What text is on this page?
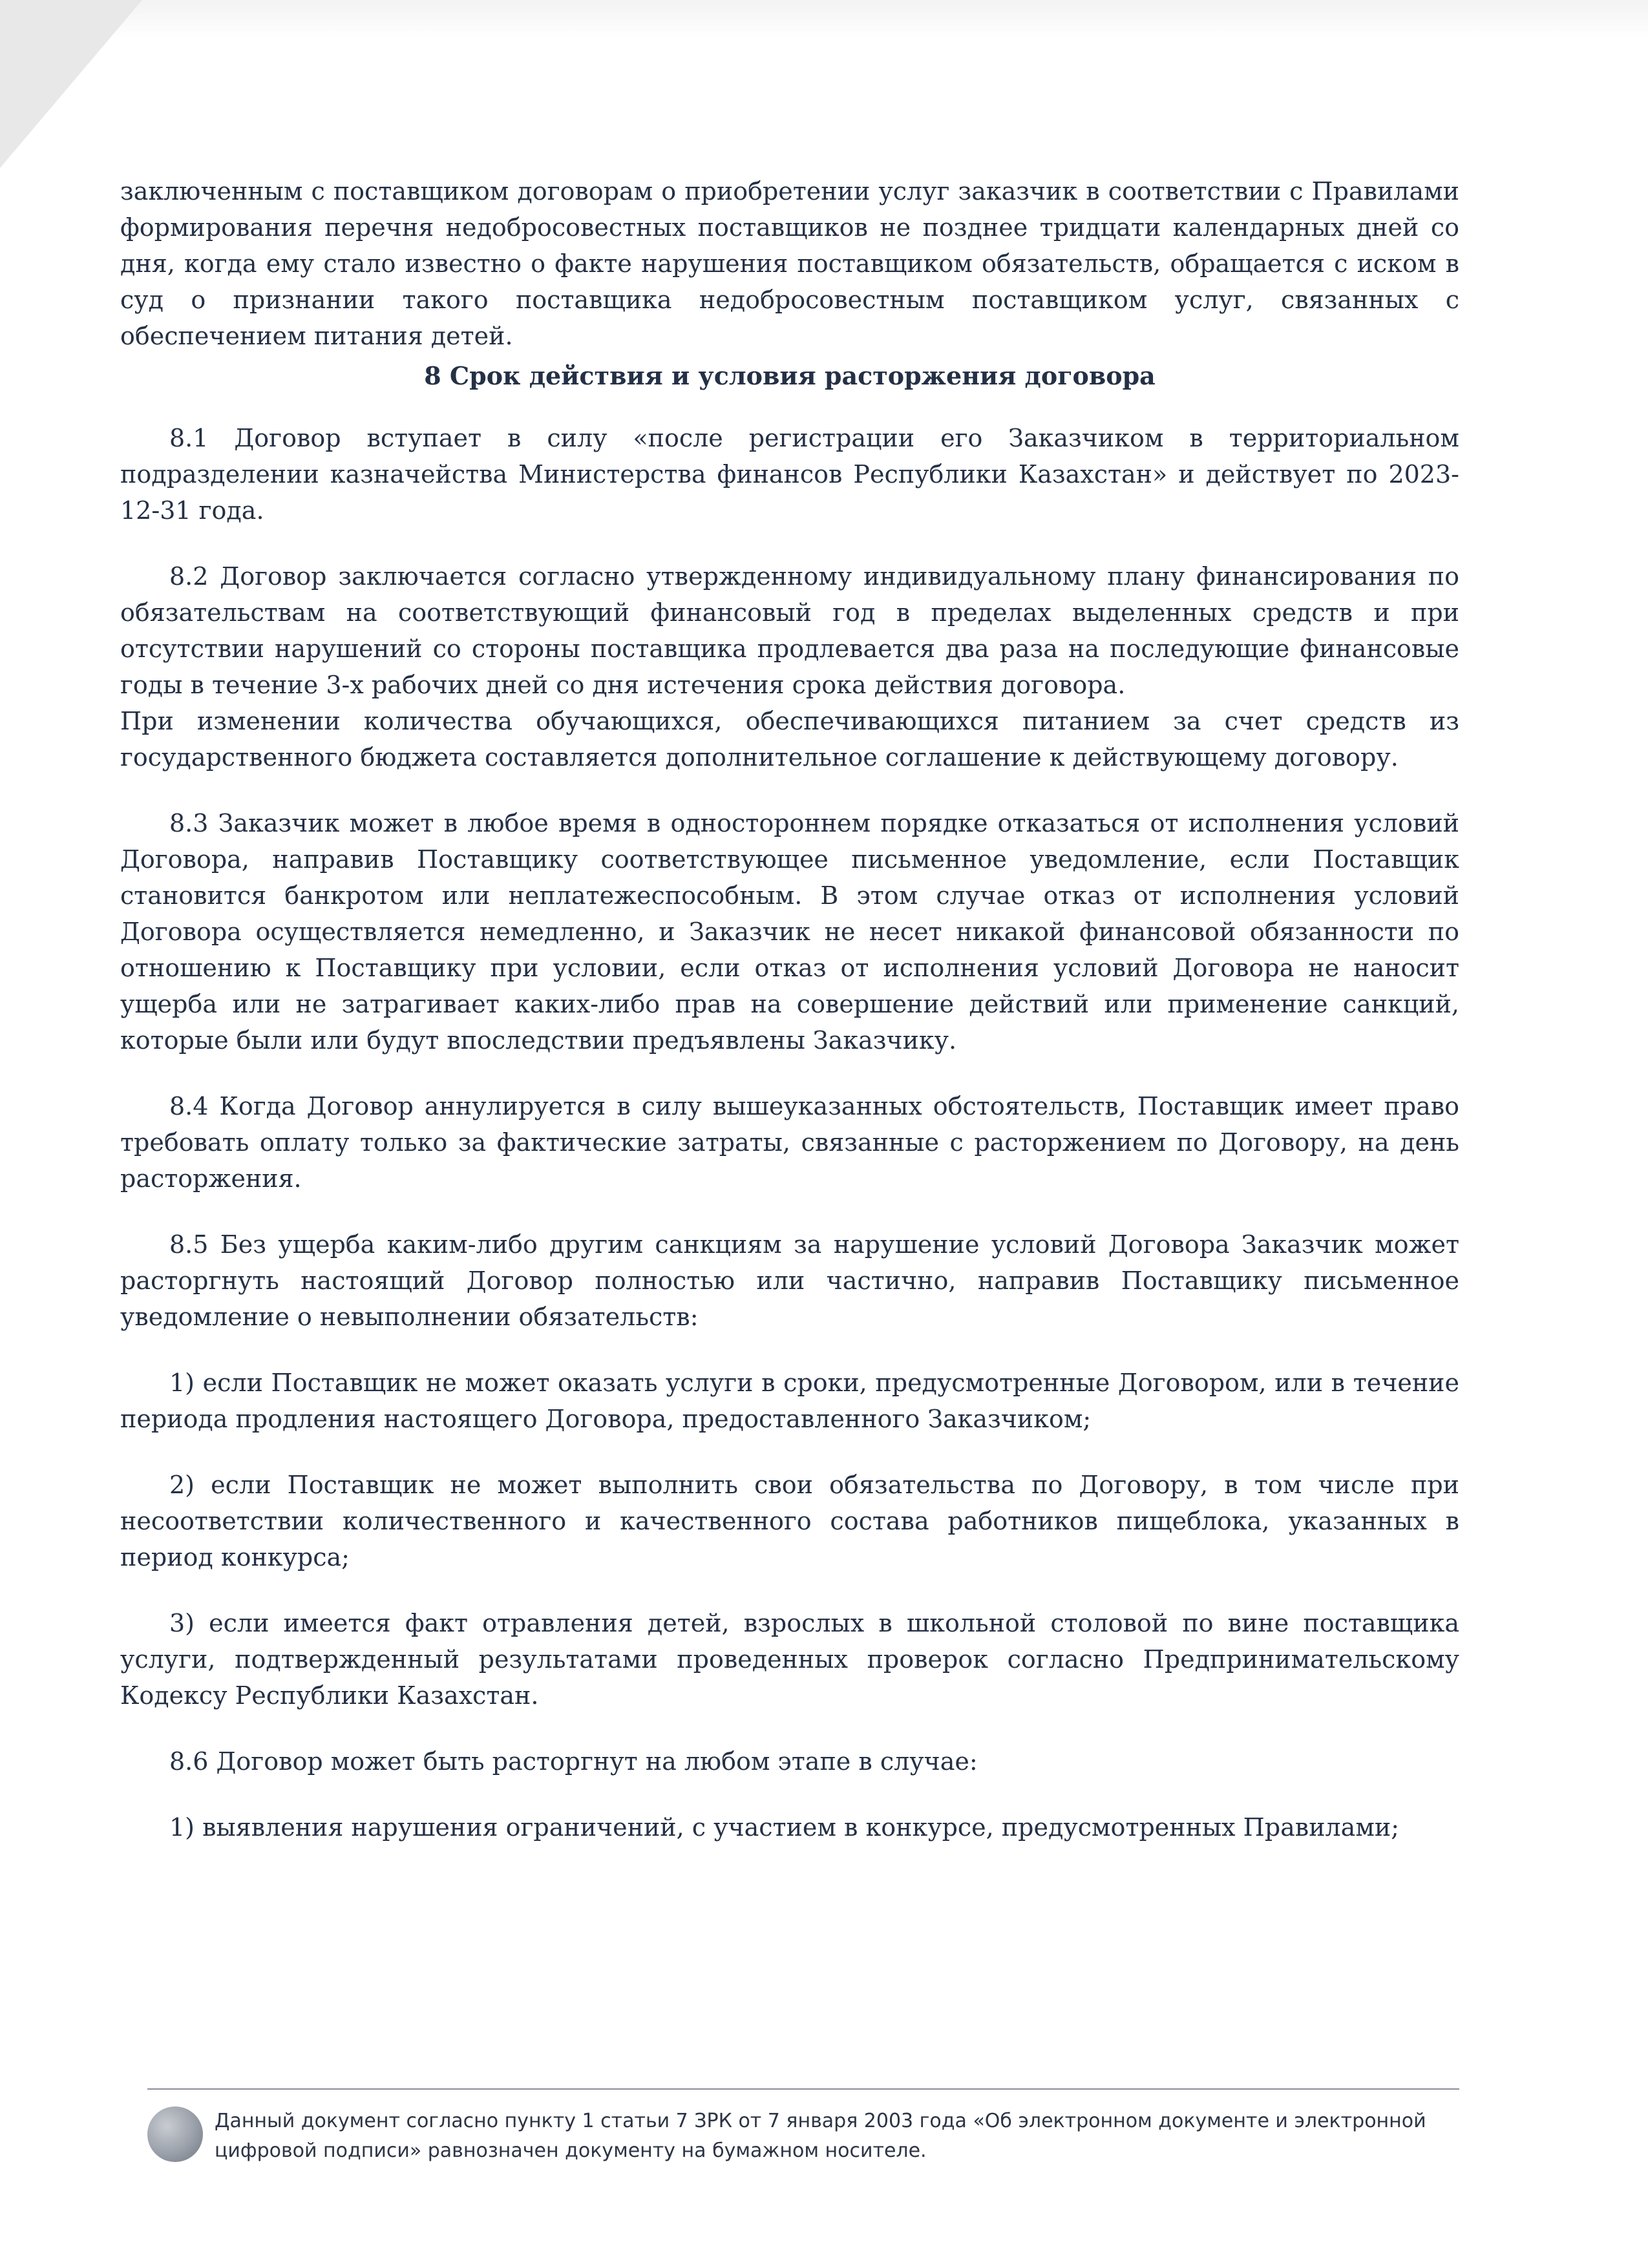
заключенным с поставщиком договорам о приобретении услуг заказчик в соответствии с Правилами формирования перечня недобросовестных поставщиков не позднее тридцати календарных дней со дня, когда ему стало известно о факте нарушения поставщиком обязательств, обращается с иском в суд о признании такого поставщика недобросовестным поставщиком услуг, связанных с обеспечением питания детей.

8 Срок действия и условия расторжения договора

8.1 Договор вступает в силу «после регистрации его Заказчиком в территориальном подразделении казначейства Министерства финансов Республики Казахстан» и действует по 2023-12-31 года.

8.2 Договор заключается согласно утвержденному индивидуальному плану финансирования по обязательствам на соответствующий финансовый год в пределах выделенных средств и при отсутствии нарушений со стороны поставщика продлевается два раза на последующие финансовые годы в течение 3-х рабочих дней со дня истечения срока действия договора.

При изменении количества обучающихся, обеспечивающихся питанием за счет средств из государственного бюджета составляется дополнительное соглашение к действующему договору.

8.3 Заказчик может в любое время в одностороннем порядке отказаться от исполнения условий Договора, направив Поставщику соответствующее письменное уведомление, если Поставщик становится банкротом или неплатежеспособным. В этом случае отказ от исполнения условий Договора осуществляется немедленно, и Заказчик не несет никакой финансовой обязанности по отношению к Поставщику при условии, если отказ от исполнения условий Договора не наносит ущерба или не затрагивает каких-либо прав на совершение действий или применение санкций, которые были или будут впоследствии предъявлены Заказчику.

8.4 Когда Договор аннулируется в силу вышеуказанных обстоятельств, Поставщик имеет право требовать оплату только за фактические затраты, связанные с расторжением по Договору, на день расторжения.

8.5 Без ущерба каким-либо другим санкциям за нарушение условий Договора Заказчик может расторгнуть настоящий Договор полностью или частично, направив Поставщику письменное уведомление о невыполнении обязательств:

1) если Поставщик не может оказать услуги в сроки, предусмотренные Договором, или в течение периода продления настоящего Договора, предоставленного Заказчиком;

2) если Поставщик не может выполнить свои обязательства по Договору, в том числе при несоответствии количественного и качественного состава работников пищеблока, указанных в период конкурса;

3) если имеется факт отравления детей, взрослых в школьной столовой по вине поставщика услуги, подтвержденный результатами проведенных проверок согласно Предпринимательскому Кодексу Республики Казахстан.

8.6 Договор может быть расторгнут на любом этапе в случае:

1) выявления нарушения ограничений, с участием в конкурсе, предусмотренных Правилами;

Данный документ согласно пункту 1 статьи 7 ЗРК от 7 января 2003 года «Об электронном документе и электронной цифровой подписи» равнозначен документу на бумажном носителе.
